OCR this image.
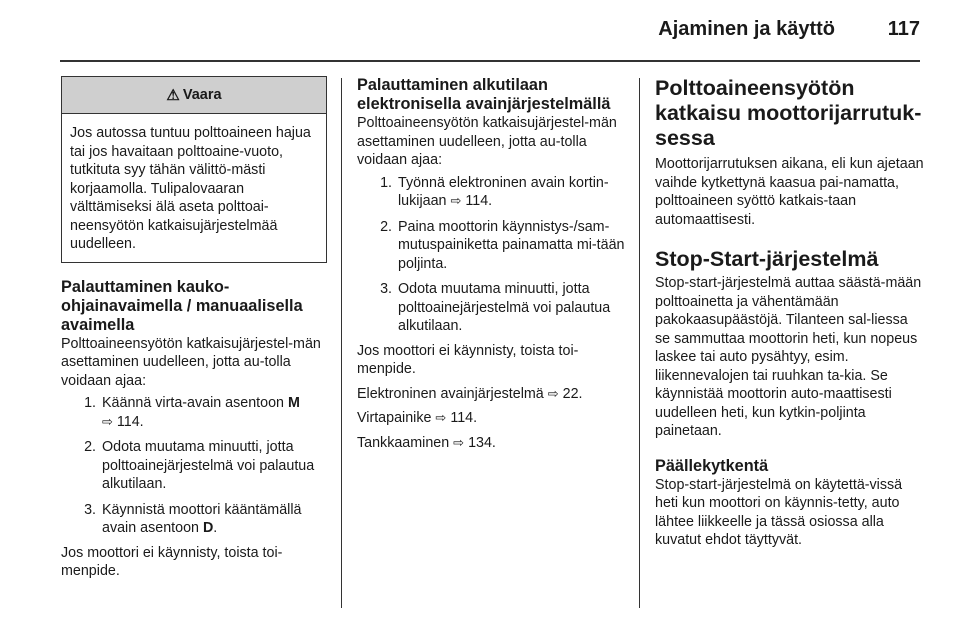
Ajaminen ja käyttö	117
⚠ Vaara

Jos autossa tuntuu polttoaineen hajua tai jos havaitaan polttoaine-vuoto, tutkituta syy tähän välittö-mästi korjaamolla. Tulipalovaaran välttämiseksi älä aseta polttoai-neensyötön katkaisujärjestelmää uudelleen.

Palauttaminen kauko-ohjainavaimella / manuaalisella avaimella

Polttoaineensyötön katkaisujärjestel-män asettaminen uudelleen, jotta au-tolla voidaan ajaa:

1. Käännä virta-avain asentoon M
⇨ 114.
2. Odota muutama minuutti, jotta polttoainejärjestelmä voi palautua alkutilaan.
3. Käynnistä moottori kääntämällä avain asentoon D.

Jos moottori ei käynnisty, toista toi-menpide.

Palauttaminen alkutilaan elektronisella avainjärjestelmällä

Polttoaineensyötön katkaisujärjestel-män asettaminen uudelleen, jotta au-tolla voidaan ajaa:

1. Työnnä elektroninen avain kortin-lukijaan ⇨ 114.
2. Paina moottorin käynnistys-/sam-mutuspainiketta painamatta mi-tään poljinta.
3. Odota muutama minuutti, jotta polttoainejärjestelmä voi palautua alkutilaan.

Jos moottori ei käynnisty, toista toi-menpide.

Elektroninen avainjärjestelmä ⇨ 22.

Virtapainike ⇨ 114.

Tankkaaminen ⇨ 134.

Polttoaineensyötön katkaisu moottorijarrutuk-sessa

Moottorijarrutuksen aikana, eli kun ajetaan vaihde kytkettynä kaasua pai-namatta, polttoaineen syöttö katkais-taan automaattisesti.

Stop-Start-järjestelmä

Stop-start-järjestelmä auttaa säästä-mään polttoainetta ja vähentämään pakokaasupäästöjä. Tilanteen sal-liessa se sammuttaa moottorin heti, kun nopeus laskee tai auto pysähtyy, esim. liikennevalojen tai ruuhkan ta-kia. Se käynnistää moottorin auto-maattisesti uudelleen heti, kun kytkin-poljinta painetaan.

Päällekytkentä

Stop-start-järjestelmä on käytettä-vissä heti kun moottori on käynnis-tetty, auto lähtee liikkeelle ja tässä osiossa alla kuvatut ehdot täyttyvät.
